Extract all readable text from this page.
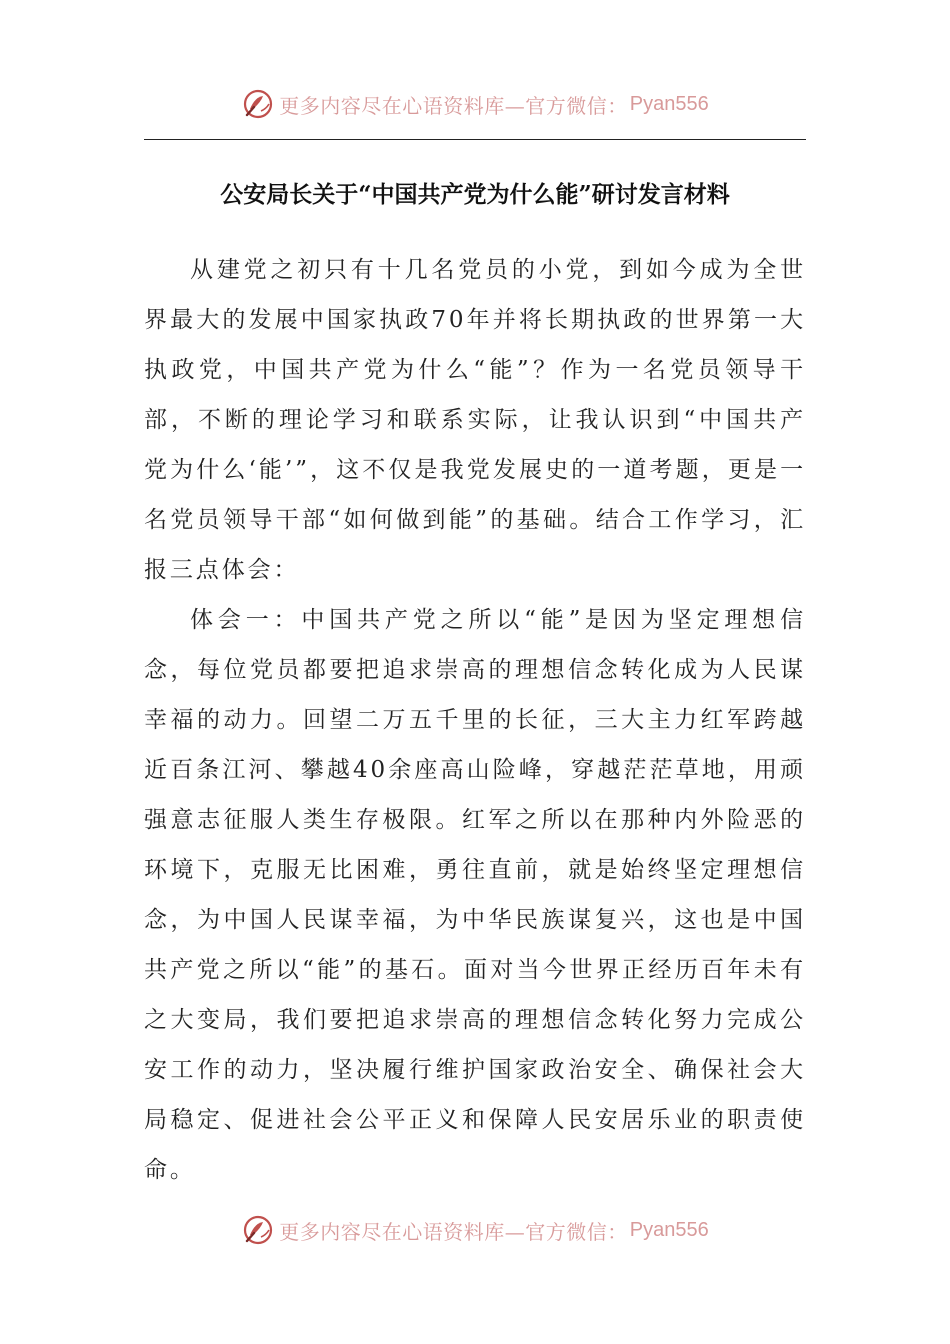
更多内容尽在心语资料库—官方微信： Pyan556
公安局长关于“中国共产党为什么能”研讨发言材料

从建党之初只有十几名党员的小党，到如今成为全世界最大的发展中国家执政70年并将长期执政的世界第一大执政党，中国共产党为什么“能”？作为一名党员领导干部，不断的理论学习和联系实际，让我认识到“中国共产党为什么‘能’”，这不仅是我党发展史的一道考题，更是一名党员领导干部“如何做到能”的基础。结合工作学习，汇报三点体会：

体会一：中国共产党之所以“能”是因为坚定理想信念，每位党员都要把追求崇高的理想信念转化成为人民谋幸福的动力。回望二万五千里的长征，三大主力红军跨越近百条江河、攀越40余座高山险峰，穿越茫茫草地，用顽强意志征服人类生存极限。红军之所以在那种内外险恶的环境下，克服无比困难，勇往直前，就是始终坚定理想信念，为中国人民谋幸福，为中华民族谋复兴，这也是中国共产党之所以“能”的基石。面对当今世界正经历百年未有之大变局，我们要把追求崇高的理想信念转化努力完成公安工作的动力，坚决履行维护国家政治安全、确保社会大局稳定、促进社会公平正义和保障人民安居乐业的职责使命。

更多内容尽在心语资料库—官方微信： Pyan556
